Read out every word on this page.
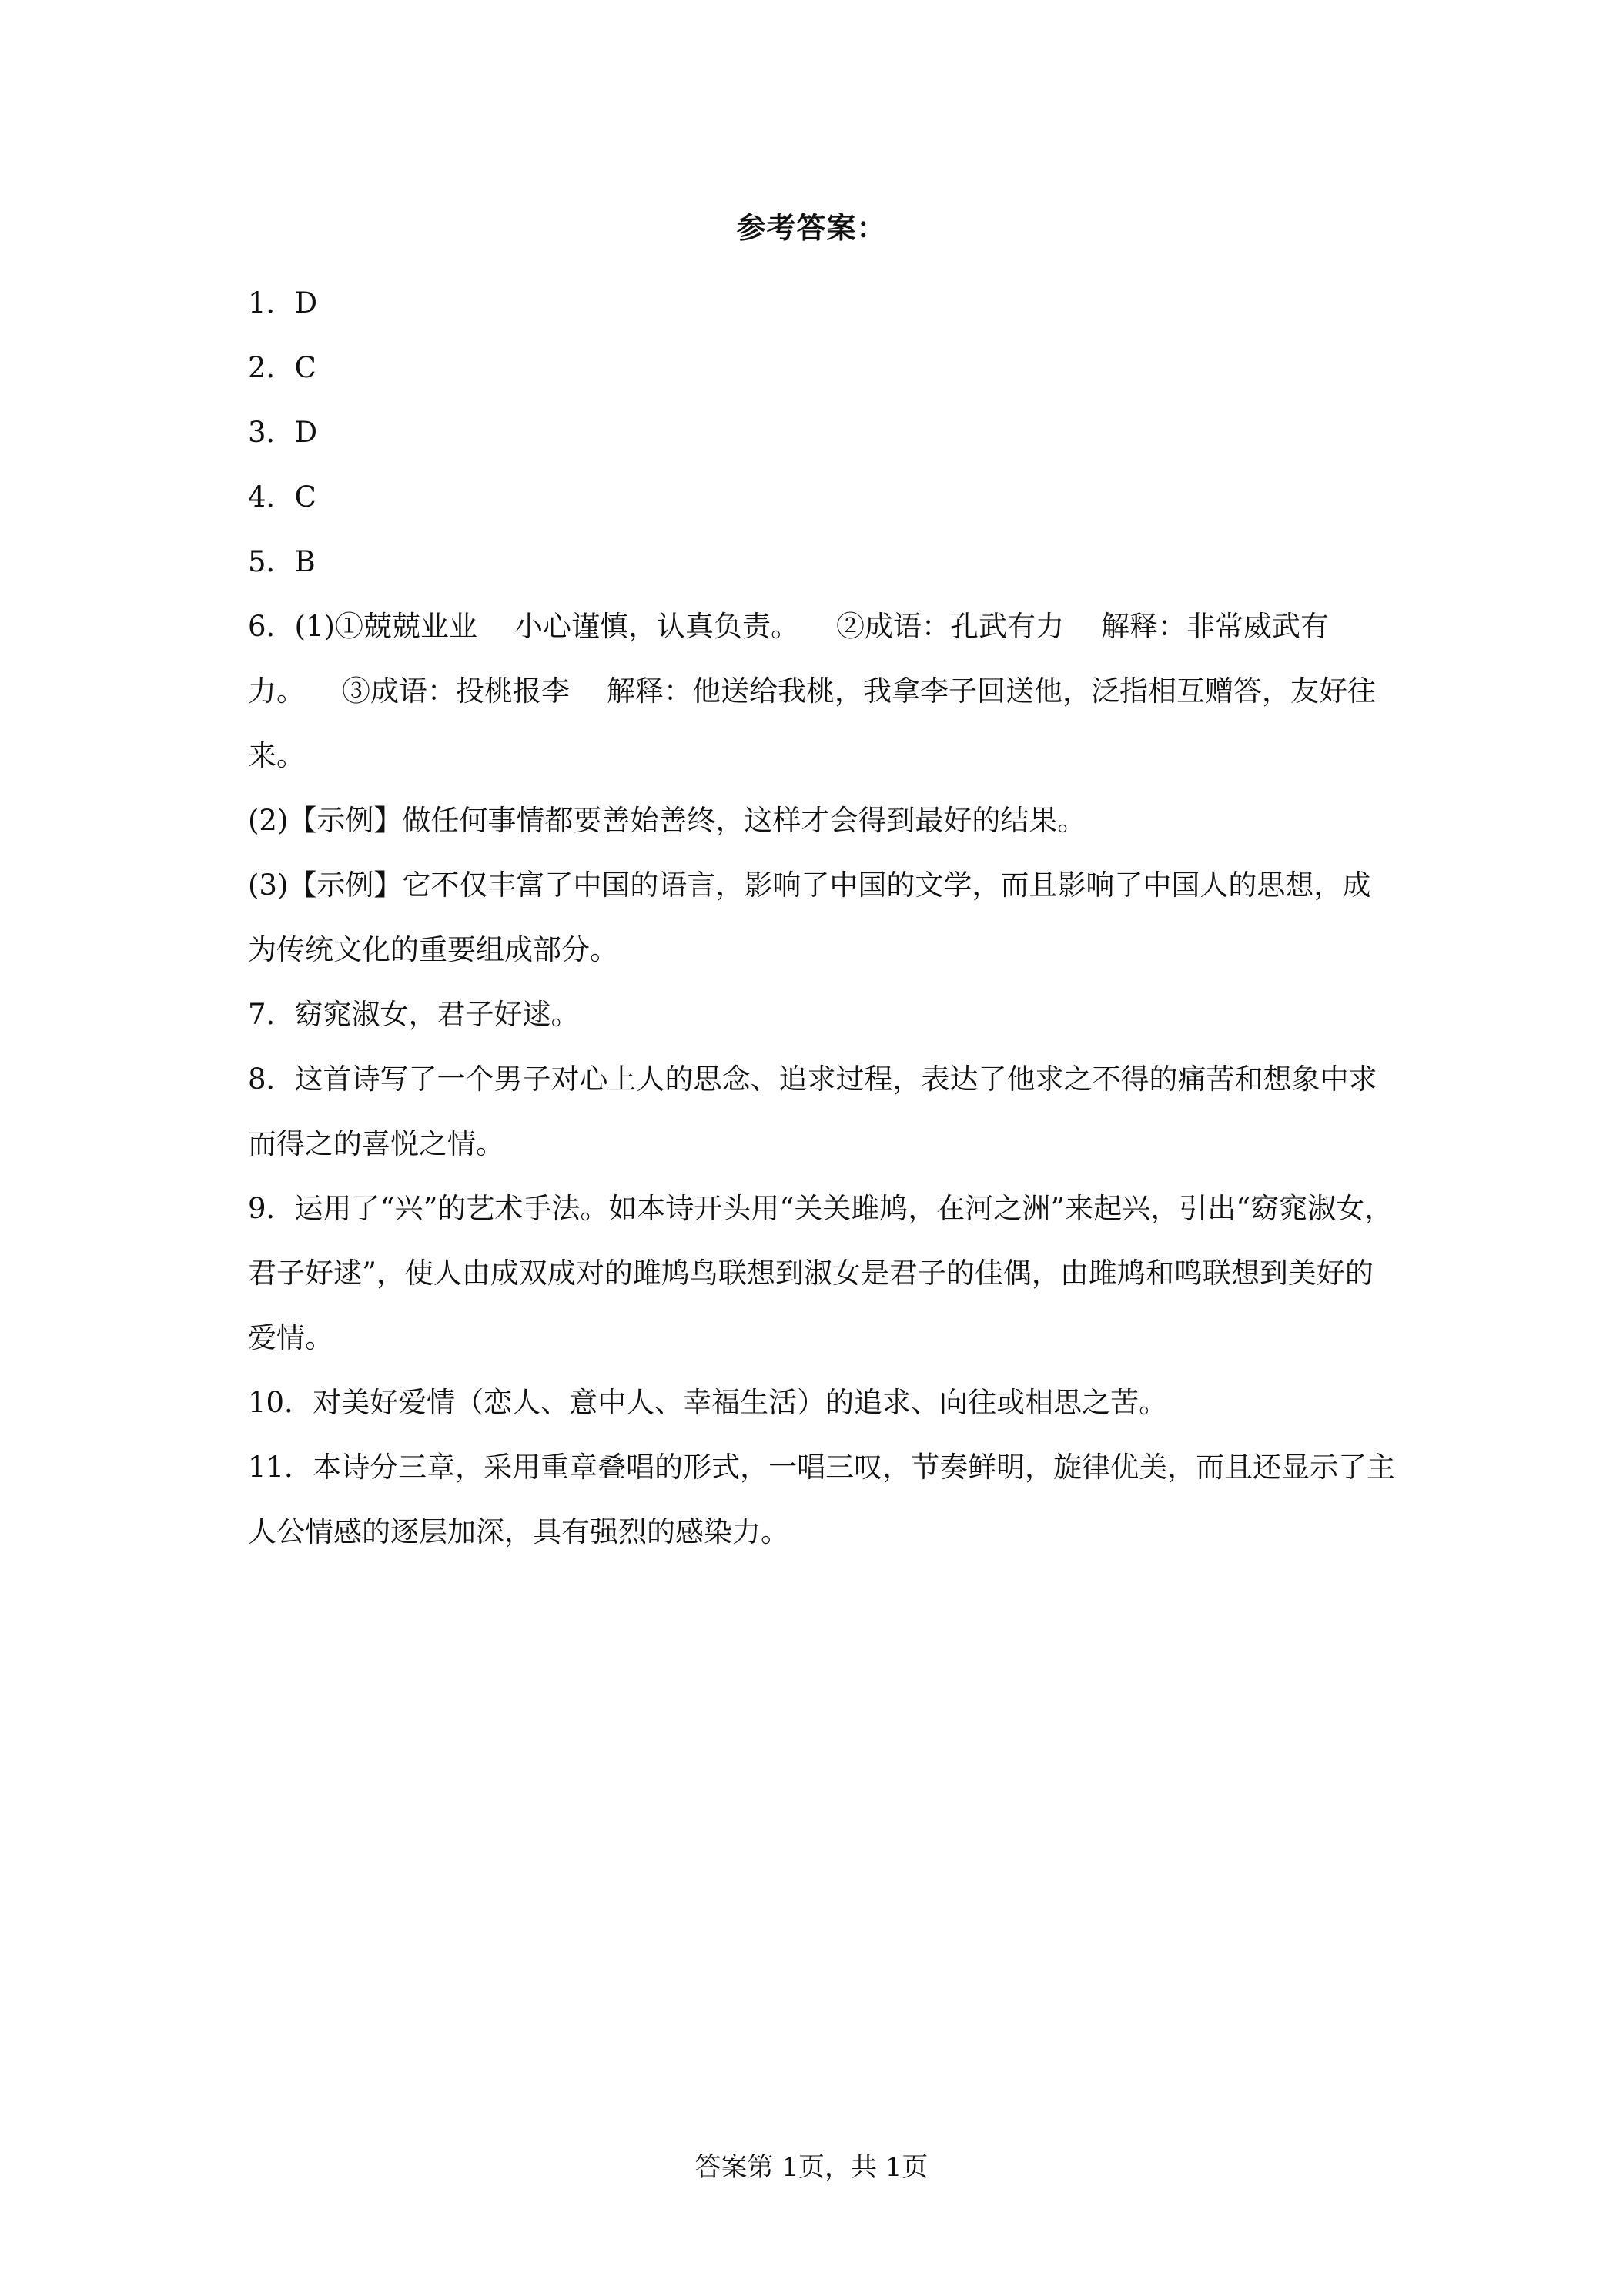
参考答案：
1．D
2．C
3．D
4．C
5．B
6．(1)①兢兢业业 小心谨慎，认真负责。 ②成语：孔武有力 解释：非常威武有
力。 ③成语：投桃报李 解释：他送给我桃，我拿李子回送他，泛指相互赠答，友好往
来。
(2)【示例】做任何事情都要善始善终，这样才会得到最好的结果。
(3)【示例】它不仅丰富了中国的语言，影响了中国的文学，而且影响了中国人的思想，成
为传统文化的重要组成部分。
7．窈窕淑女，君子好逑。
8．这首诗写了一个男子对心上人的思念、追求过程，表达了他求之不得的痛苦和想象中求
而得之的喜悦之情。
9．运用了“兴”的艺术手法。如本诗开头用“关关雎鸠，在河之洲”来起兴，引出“窈窕淑女，
君子好逑”，使人由成双成对的雎鸠鸟联想到淑女是君子的佳偶，由雎鸠和鸣联想到美好的
爱情。
10．对美好爱情（恋人、意中人、幸福生活）的追求、向往或相思之苦。
11．本诗分三章，采用重章叠唱的形式，一唱三叹，节奏鲜明，旋律优美，而且还显示了主
人公情感的逐层加深，具有强烈的感染力。
答案第 1页，共 1页
